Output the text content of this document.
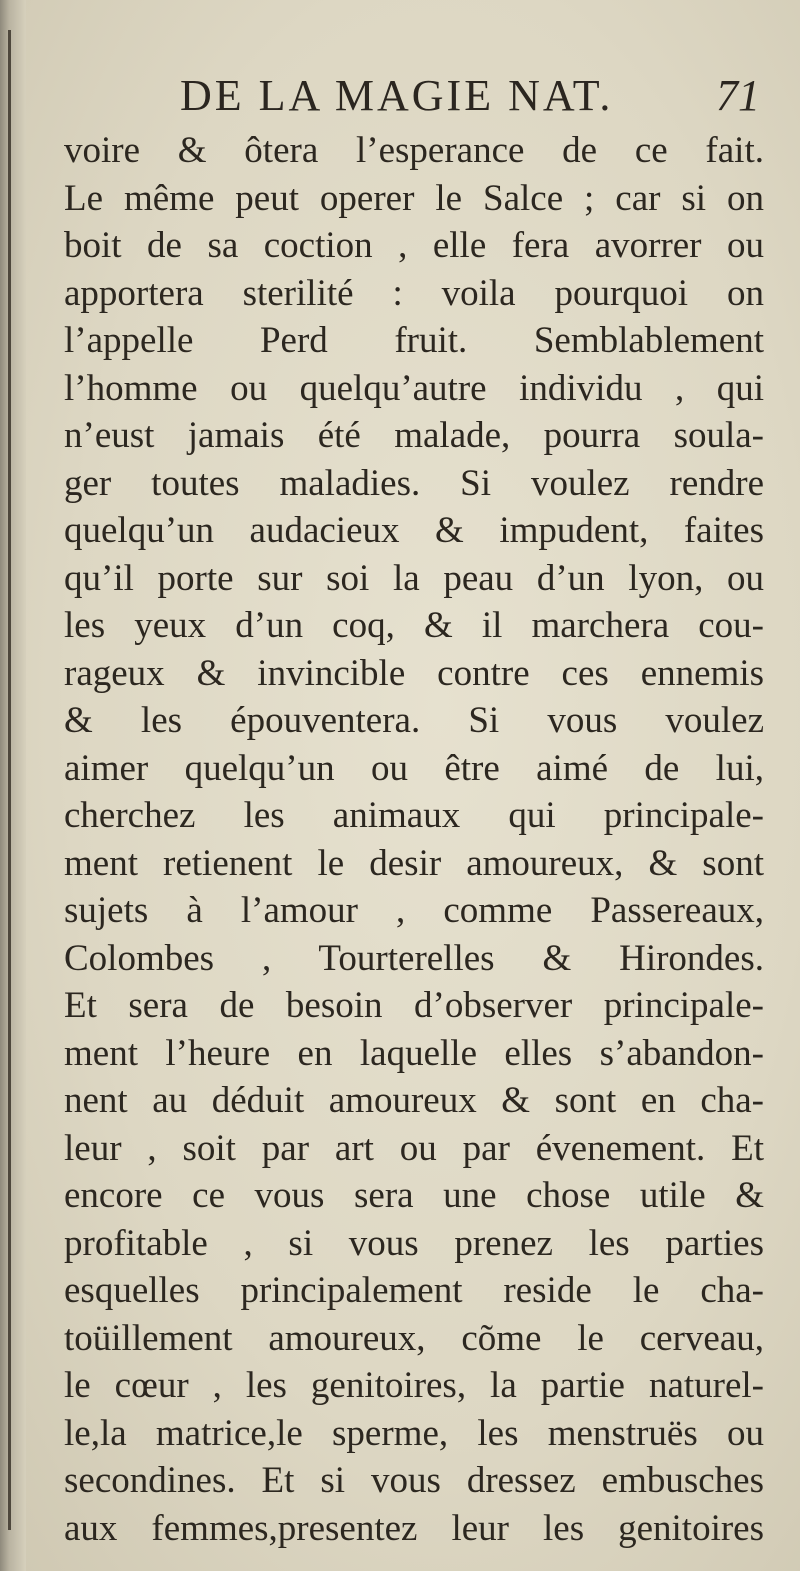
DE LA MAGIE NAT. 71
voire & ôtera l’esperance de ce fait.
Le même peut operer le Salce ; car si on
boit de sa coction , elle fera avorrer ou
apportera sterilité : voila pourquoi on
l’appelle Perd fruit. Semblablement
l’homme ou quelqu’autre individu , qui
n’eust jamais été malade, pourra soula-
ger toutes maladies. Si voulez rendre
quelqu’un audacieux & impudent, faites
qu’il porte sur soi la peau d’un lyon, ou
les yeux d’un coq, & il marchera cou-
rageux & invincible contre ces ennemis
& les épouventera. Si vous voulez
aimer quelqu’un ou être aimé de lui,
cherchez les animaux qui principale-
ment retienent le desir amoureux, & sont
sujets à l’amour , comme Passereaux,
Colombes , Tourterelles & Hirondes.
Et sera de besoin d’observer principale-
ment l’heure en laquelle elles s’abandon-
nent au déduit amoureux & sont en cha-
leur , soit par art ou par évenement. Et
encore ce vous sera une chose utile &
profitable , si vous prenez les parties
esquelles principalement reside le cha-
toüillement amoureux, cõme le cerveau,
le cœur , les genitoires, la partie naturel-
le,la matrice,le sperme, les menstruës ou
secondines. Et si vous dressez embusches
aux femmes,presentez leur les genitoires
